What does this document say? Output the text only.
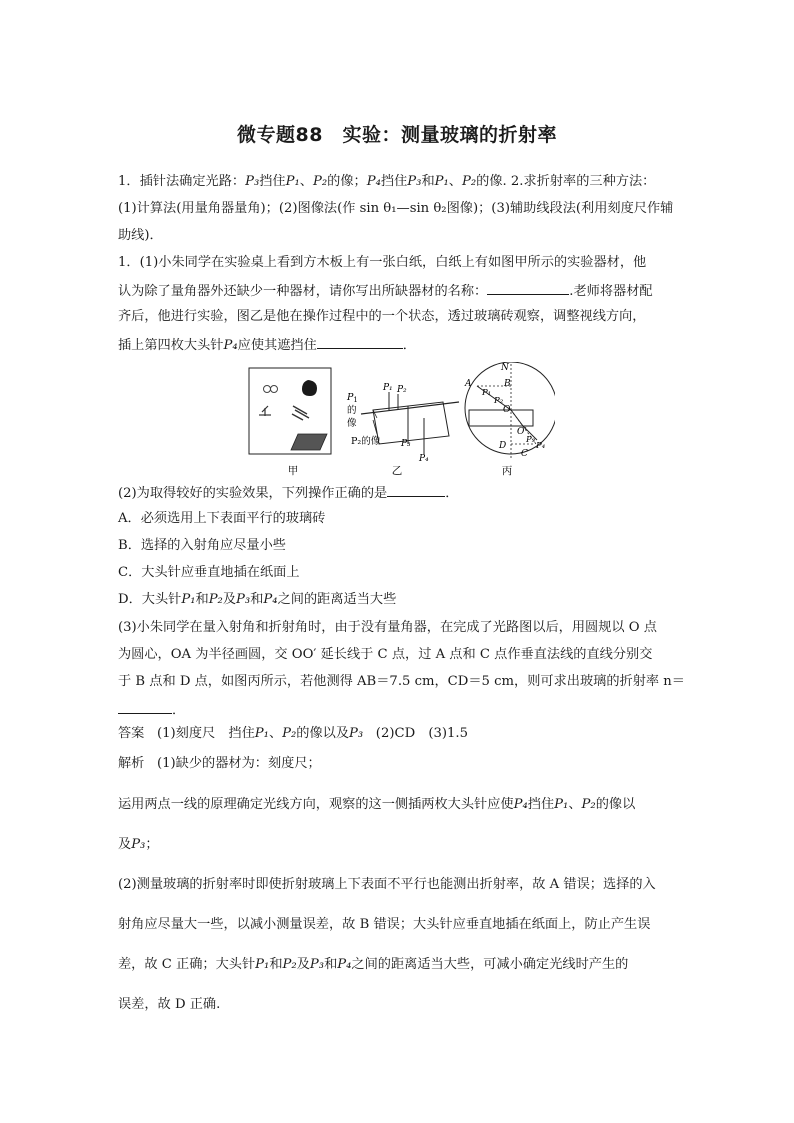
微专题88　实验：测量玻璃的折射率
1．插针法确定光路：P₃挡住P₁、P₂的像；P₄挡住P₃和P₁、P₂的像. 2.求折射率的三种方法：
(1)计算法(用量角器量角)；(2)图像法(作 sin θ₁—sin θ₂图像)；(3)辅助线段法(利用刻度尺作辅
助线)．
1．(1)小朱同学在实验桌上看到方木板上有一张白纸，白纸上有如图甲所示的实验器材，他
认为除了量角器外还缺少一种器材，请你写出所缺器材的名称：	.老师将器材配
齐后，他进行实验，图乙是他在操作过程中的一个状态，透过玻璃砖观察，调整视线方向，
插上第四枚大头针P₄应使其遮挡住	．
甲
$P_1$ 的 像
P₂的像
P₁ P₂
P₃
P₄
乙
N
A	B
P₁
P₂
O
O′
D
C
P₃
P₄
丙
(2)为取得较好的实验效果，下列操作正确的是	．
A．必须选用上下表面平行的玻璃砖
B．选择的入射角应尽量小些
C．大头针应垂直地插在纸面上
D．大头针P₁和P₂及P₃和P₄之间的距离适当大些
(3)小朱同学在量入射角和折射角时，由于没有量角器，在完成了光路图以后，用圆规以 O 点
为圆心，OA 为半径画圆，交 OO′ 延长线于 C 点，过 A 点和 C 点作垂直法线的直线分别交
于 B 点和 D 点，如图丙所示，若他测得 AB＝7.5 cm，CD＝5 cm，则可求出玻璃的折射率 n＝
．
答案 (1)刻度尺　挡住P₁、P₂的像以及P₃ (2)CD　(3)1.5
解析 (1)缺少的器材为：刻度尺；
运用两点一线的原理确定光线方向，观察的这一侧插两枚大头针应使P₄挡住P₁、P₂的像以
及P₃；
(2)测量玻璃的折射率时即使折射玻璃上下表面不平行也能测出折射率，故 A 错误；选择的入
射角应尽量大一些，以减小测量误差，故 B 错误；大头针应垂直地插在纸面上，防止产生误
差，故 C 正确；大头针P₁和P₂及P₃和P₄之间的距离适当大些，可减小确定光线时产生的
误差，故 D 正确.
